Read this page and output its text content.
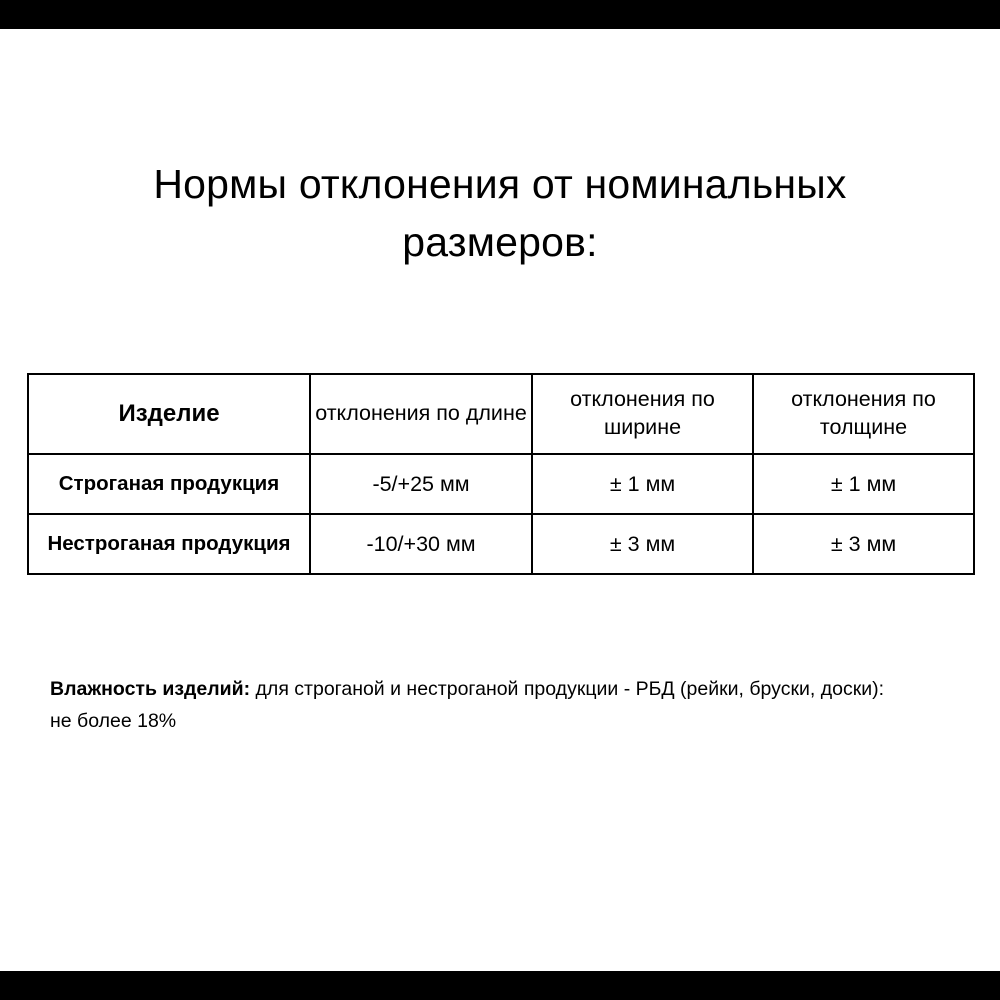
Нормы отклонения от номинальных размеров:
Изделие	отклонения по длине	отклонения по ширине	отклонения по толщине
Строганая продукция	-5/+25 мм	± 1 мм	± 1 мм
Нестроганая продукция	-10/+30 мм	± 3 мм	± 3 мм
Влажность изделий: для строганой и нестроганой продукции - РБД (рейки, бруски, доски):
не более 18%
